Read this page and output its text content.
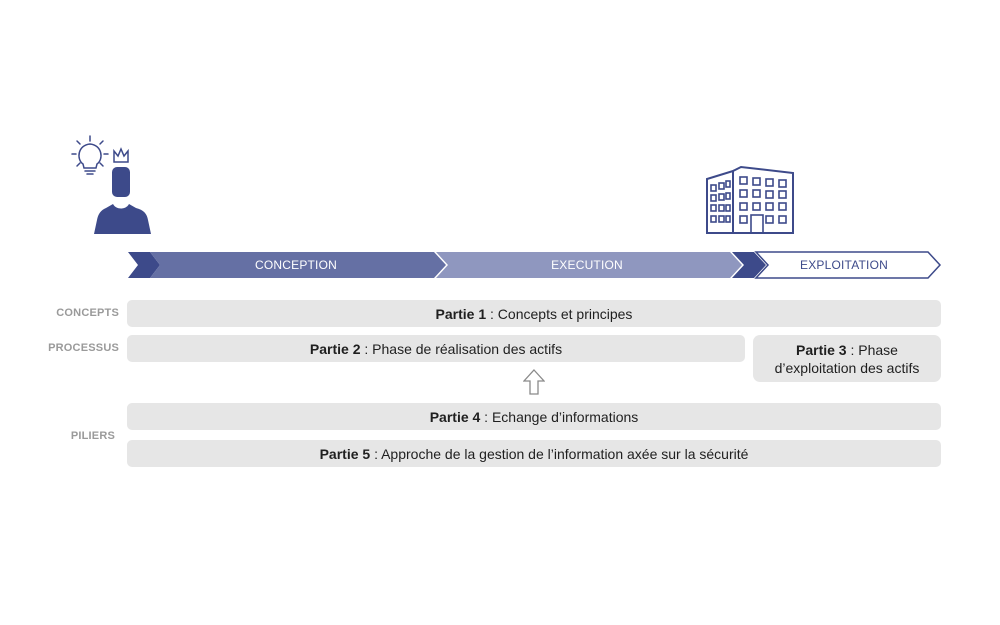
CONCEPTION	EXECUTION	EXPLOITATION
CONCEPTS
PROCESSUS
PILIERS
Partie 1 : Concepts et principes
Partie 2 : Phase de réalisation des actifs	Partie 3 : Phase
d’exploitation des actifs
Partie 4 : Echange d’informations
Partie 5 : Approche de la gestion de l’information axée sur la sécurité
